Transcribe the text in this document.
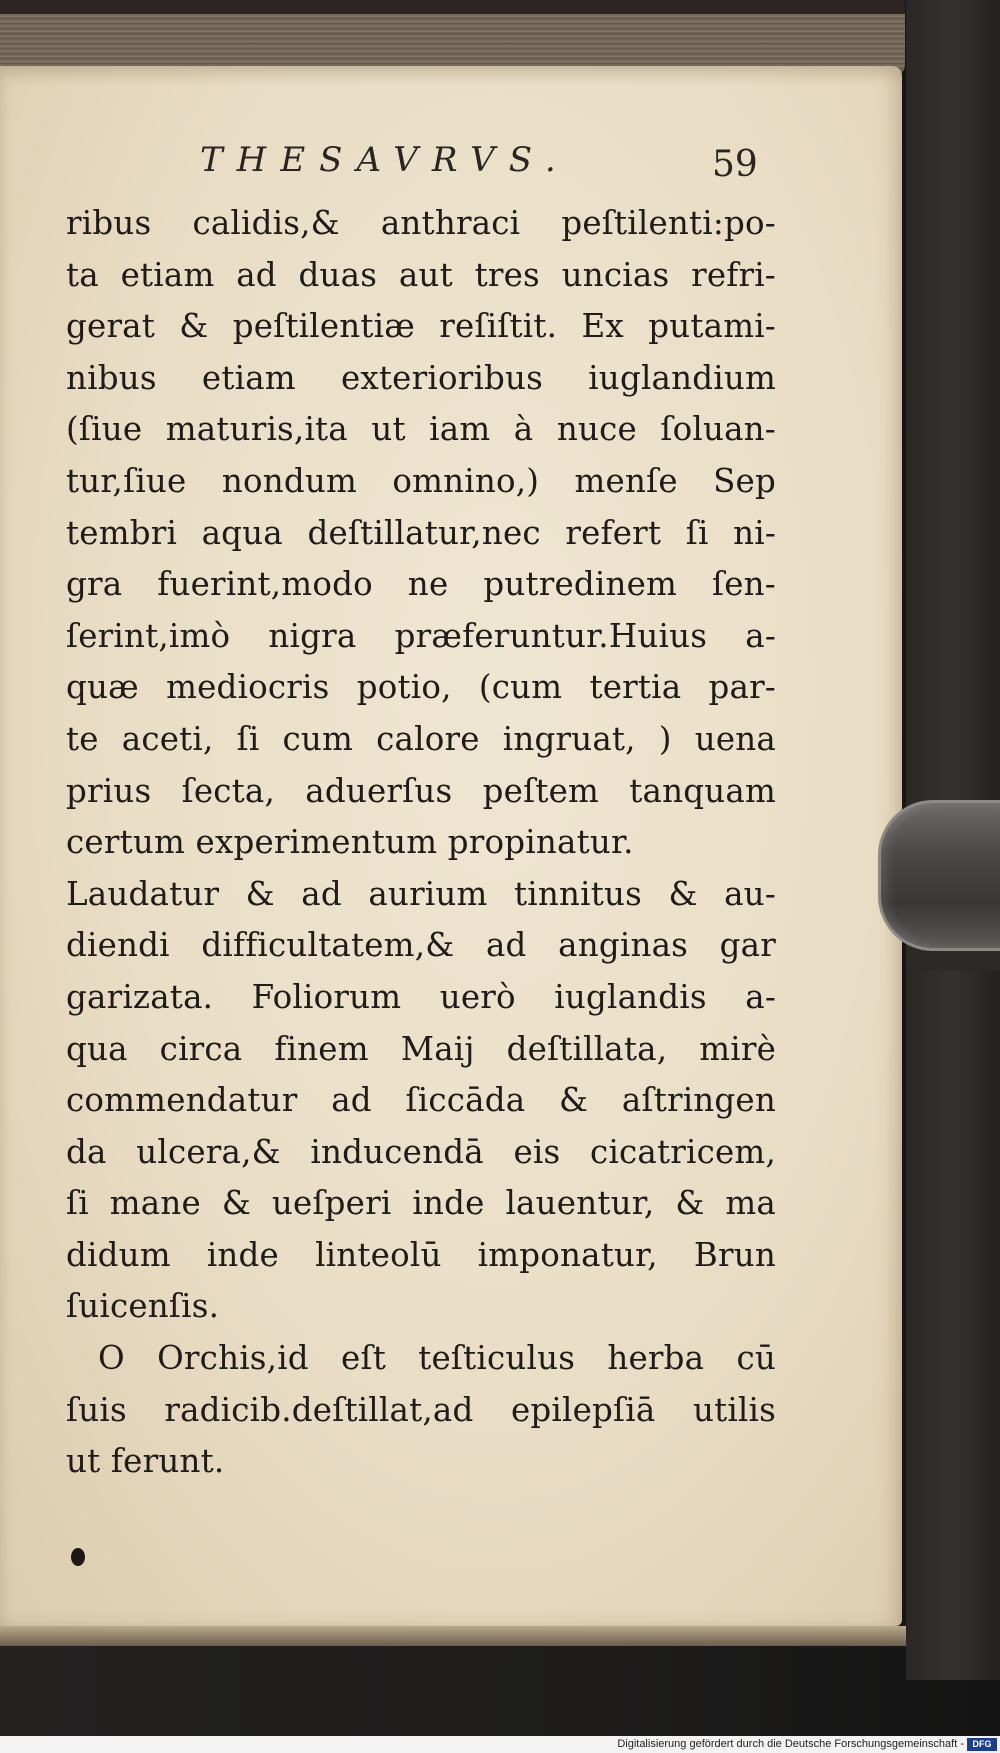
THESAVRVS.	59
ribus calidis,& anthraci peſtilenti:po-
ta etiam ad duas aut tres uncias refri-
gerat & peſtilentiæ reſiſtit. Ex putami-
nibus etiam exterioribus iuglandium
(ſiue maturis,ita ut iam à nuce ſoluan-
tur,ſiue nondum omnino,) menſe Sep
tembri aqua deſtillatur,nec refert ſi ni-
gra fuerint,modo ne putredinem ſen-
ſerint,imò nigra præferuntur.Huius a-
quæ mediocris potio, (cum tertia par-
te aceti, ſi cum calore ingruat, ) uena
prius ſecta, aduerſus peſtem tanquam
certum experimentum propinatur.
Laudatur & ad aurium tinnitus & au-
diendi difficultatem,& ad anginas gar
garizata. Foliorum uerò iuglandis a-
qua circa finem Maij deſtillata, mirè
commendatur ad ſiccāda & aſtringen
da ulcera,& inducendā eis cicatricem,
ſi mane & ueſperi inde lauentur, & ma
didum inde linteolū imponatur, Brun
ſuicenſis.
O Orchis,id eſt teſticulus herba cū
ſuis radicib.deſtillat,ad epilepſiā utilis
ut ferunt.
Digitalisierung gefördert durch die Deutsche Forschungsgemeinschaft - DFG
